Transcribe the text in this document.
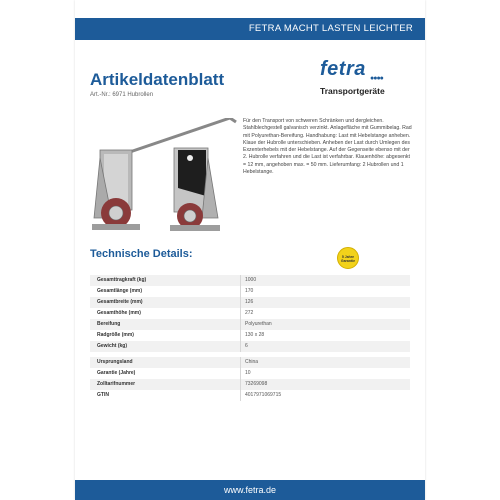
FETRA MACHT LASTEN LEICHTER
Artikeldatenblatt
Art.-Nr.: 6971 Hubrollen
fetra ●●●●
Transportgeräte
Für den Transport von schweren Schränken und dergleichen. Stahlblechgestell galvanisch verzinkt. Anlagefläche mit Gummibelag. Rad mit Polyurethan-Bereifung. Handhabung: Last mit Hebelstange anheben. Klaue der Hubrolle unterschieben. Anheben der Last durch Umlegen des Exzenterhebels mit der Hebelstange. Auf der Gegenseite ebenso mit der 2. Hubrolle verfahren und die Last ist verfahrbar. Klauenhöhe: abgesenkt = 12 mm, angehoben max. = 50 mm. Lieferumfang: 2 Hubrollen und 1 Hebelstange.
Technische Details:	5 Jahre Garantie
Gesamttragkraft (kg)	1000
Gesamtlänge (mm)	170
Gesamtbreite (mm)	126
Gesamthöhe (mm)	272
Bereifung	Polyurethan
Radgröße (mm)	130 x 28
Gewicht (kg)	6
Ursprungsland	China
Garantie (Jahre)	10
Zolltarifnummer	73269098
GTIN	4017971069715
www.fetra.de
